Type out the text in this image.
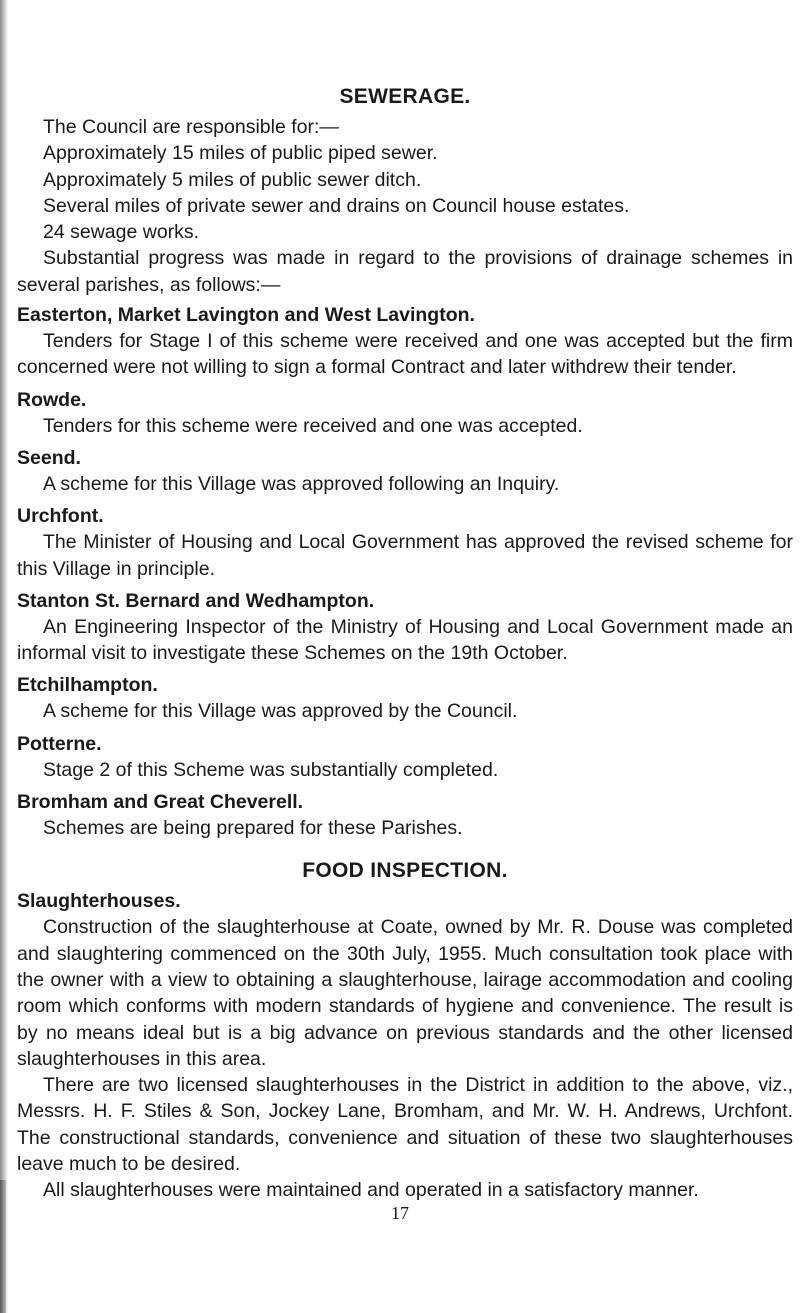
SEWERAGE.

The Council are responsible for:—

Approximately 15 miles of public piped sewer.

Approximately 5 miles of public sewer ditch.

Several miles of private sewer and drains on Council house estates.

24 sewage works.

Substantial progress was made in regard to the provisions of drainage schemes in several parishes, as follows:—

Easterton, Market Lavington and West Lavington.

Tenders for Stage I of this scheme were received and one was accepted but the firm concerned were not willing to sign a formal Contract and later withdrew their tender.

Rowde.

Tenders for this scheme were received and one was accepted.

Seend.

A scheme for this Village was approved following an Inquiry.

Urchfont.

The Minister of Housing and Local Government has approved the revised scheme for this Village in principle.

Stanton St. Bernard and Wedhampton.

An Engineering Inspector of the Ministry of Housing and Local Government made an informal visit to investigate these Schemes on the 19th October.

Etchilhampton.

A scheme for this Village was approved by the Council.

Potterne.

Stage 2 of this Scheme was substantially completed.

Bromham and Great Cheverell.

Schemes are being prepared for these Parishes.

FOOD INSPECTION.
Slaughterhouses.

Construction of the slaughterhouse at Coate, owned by Mr. R. Douse was completed and slaughtering commenced on the 30th July, 1955. Much consultation took place with the owner with a view to obtaining a slaughterhouse, lairage accommodation and cooling room which conforms with modern standards of hygiene and convenience. The result is by no means ideal but is a big advance on previous standards and the other licensed slaughterhouses in this area.

There are two licensed slaughterhouses in the District in addition to the above, viz., Messrs. H. F. Stiles & Son, Jockey Lane, Bromham, and Mr. W. H. Andrews, Urchfont. The constructional standards, convenience and situation of these two slaughterhouses leave much to be desired.

All slaughterhouses were maintained and operated in a satisfactory manner.

17
